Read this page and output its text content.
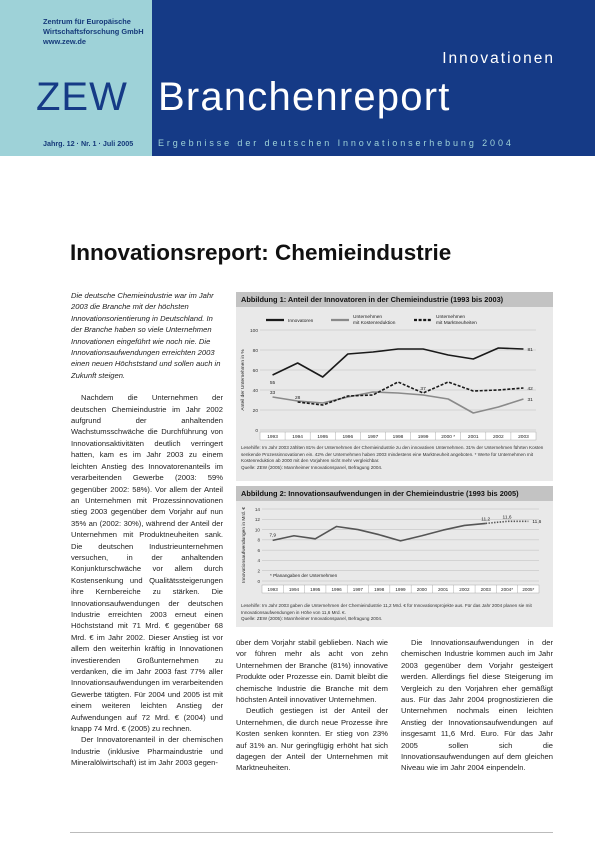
Zentrum für Europäische
Wirtschaftsforschung GmbH
www.zew.de
ZEW
Jahrg. 12 · Nr. 1 · Juli 2005
Innovationen
Branchenreport
Ergebnisse der deutschen Innovationserhebung 2004
Innovationsreport: Chemieindustrie

Die deutsche Chemieindustrie war im Jahr 2003 die Branche mit der höchsten Innovationsorientierung in Deutschland. In der Branche haben so viele Unternehmen Innovationen eingeführt wie noch nie. Die Innovationsaufwendungen erreichten 2003 einen neuen Höchststand und sollen auch in Zukunft steigen.

Nachdem die Unternehmen der deutschen Chemieindustrie im Jahr 2002 aufgrund der anhaltenden Wachstumsschwäche die Durchführung von Innovationsaktivitäten deutlich verringert hatten, kam es im Jahr 2003 zu einem leichten Anstieg des Innovatorenanteils im verarbeitenden Gewerbe (2003: 59% gegenüber 2002: 58%). Vor allem der Anteil an Unternehmen mit Prozessinnovationen stieg 2003 gegenüber dem Vorjahr auf nun 35% an (2002: 30%), während der Anteil der Unternehmen mit Produktneuheiten sank. Die deutschen Industrieunternehmen versuchen, in der anhaltenden Konjunkturschwäche vor allem durch Kostensenkung und Qualitätssteigerungen ihre Kernbereiche zu stärken. Die Innovationsaufwendungen der deutschen Industrie erreichten 2003 erneut einen Höchststand mit 71 Mrd. € gegenüber 68 Mrd. € im Jahr 2002. Dieser Anstieg ist vor allem den weiterhin kräftig in Innovationen investierenden Großunternehmen zu verdanken, die im Jahr 2003 fast 77% aller Innovationsaufwendungen im verarbeitenden Gewerbe tätigten. Für 2004 und 2005 ist mit einem weiteren leichten Anstieg der Aufwendungen auf 72 Mrd. € (2004) und knapp 74 Mrd. € (2005) zu rechnen.

Der Innovatorenanteil in der chemischen Industrie (inklusive Pharmaindustrie und Mineralölwirtschaft) ist im Jahr 2003 gegen-

Abbildung 1: Anteil der Innovatoren in der Chemieindustrie (1993 bis 2003)
0
20
40
60
80
100
1993	1994	1995	1996	1997	1998	1999	2000 *	2001	2002	2003
Anteil der Unternehmen in %	55
81
33
31
28
37	42
Innovatoren
Unternehmen
mit Kostenreduktion
Unternehmen
mit Marktneuheiten
Lesehilfe: Im Jahr 2003 zählten 81% der Unternehmen der Chemieindustrie zu den innovativen Unternehmen. 31% der Unternehmen führten Kosten senkende Prozessinnovationen ein. 42% der Unternehmen haben 2003 mindestens eine Marktneuheit angeboten. * Werte für Unternehmen mit Kostenreduktion ab 2000 mit den Vorjahren nicht mehr vergleichbar.
Quelle: ZEW (2005): Mannheimer Innovationspanel, Befragung 2004.
Abbildung 2: Innovationsaufwendungen in der Chemieindustrie (1993 bis 2005)
0
2
4
6
8
10
12
14
1993 1994 1995 1996 1997 1998 1999 2000 2001 2002 2003 2004* 2005*
Innovationsaufwendungen in Mrd. €	7,9
11,2	11,6
11,6
* Planangaben der Unternehmen
Lesehilfe: Im Jahr 2003 gaben die Unternehmen der Chemieindustrie 11,2 Mrd. € für Innovationsprojekte aus. Für das Jahr 2004 planen sie mit Innovationsaufwendungen in Höhe von 11,6 Mrd. €.
Quelle: ZEW (2005): Mannheimer Innovationspanel, Befragung 2004.

über dem Vorjahr stabil geblieben. Nach wie vor führen mehr als acht von zehn Unternehmen der Branche (81%) innovative Produkte oder Prozesse ein. Damit bleibt die chemische Industrie die Branche mit dem höchsten Anteil innovativer Unternehmen.

Deutlich gestiegen ist der Anteil der Unternehmen, die durch neue Prozesse ihre Kosten senken konnten. Er stieg von 23% auf 31% an. Nur geringfügig erhöht hat sich dagegen der Anteil der Unternehmen mit Marktneuheiten.

Die Innovationsaufwendungen in der chemischen Industrie kommen auch im Jahr 2003 gegenüber dem Vorjahr gesteigert werden. Allerdings fiel diese Steigerung im Vergleich zu den Vorjahren eher gemäßigt aus. Für das Jahr 2004 prognostizieren die Unternehmen nochmals einen leichten Anstieg der Innovationsaufwendungen auf insgesamt 11,6 Mrd. Euro. Für das Jahr 2005 sollen sich die Innovationsaufwendungen auf dem gleichen Niveau wie im Jahr 2004 einpendeln.
